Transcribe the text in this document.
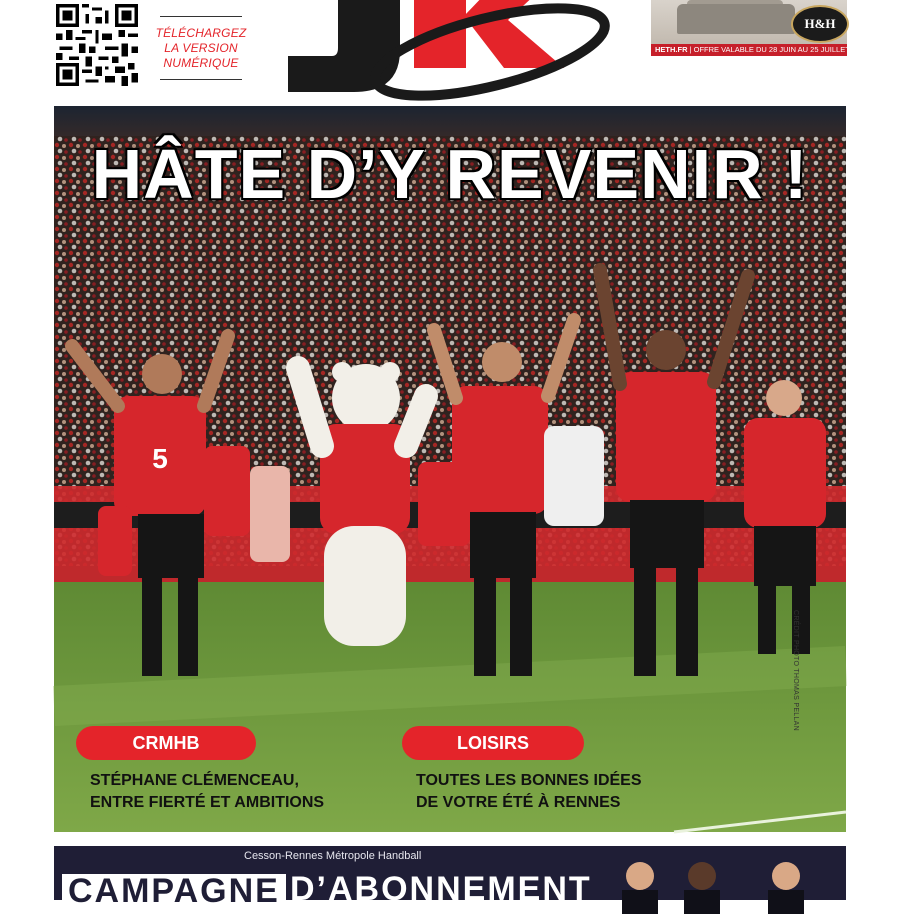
TÉLÉCHARGEZ
LA VERSION
NUMÉRIQUE
H&H
HETH.FR | OFFRE VALABLE DU 28 JUIN AU 25 JUILLET 2023
5
HÂTE D’Y REVENIR !
CRMHB
STÉPHANE CLÉMENCEAU,
ENTRE FIERTÉ ET AMBITIONS
LOISIRS
TOUTES LES BONNES IDÉES
DE VOTRE ÉTÉ À RENNES
CRÉDIT PHOTO THOMAS PELLAN
Cesson-Rennes Métropole Handball
CAMPAGNE D’ABONNEMENT
